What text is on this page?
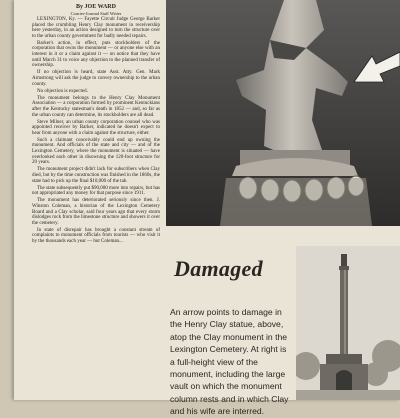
By JOE WARD

Courier-Journal Staff Writer

LEXINGTON, Ky. — Fayette Circuit Judge George Barker placed the crumbling Henry Clay monument in receivership here yesterday, in an action designed to turn the structure over to the urban county government for badly needed repairs.

Barker's action, in effect, puts stockholders of the corporation that owns the monument — or anyone else with an interest in it or a claim against it — on notice that they have until March 31 to voice any objection to the planned transfer of ownership.

If no objection is heard, state Asst. Atty. Gen. Mark Armstrong will ask the judge to convey ownership to the urban county.

No objection is expected.

The monument belongs to the Henry Clay Monument Association — a corporation formed by prominent Kentuckians after the Kentucky statesman's death in 1852 — and, so far as the urban county can determine, its stockholders are all dead.

Steve Milner, an urban county corporation counsel who was appointed receiver by Barker, indicated he doesn't expect to hear from anyone with a claim against the structure, either.

Such a claimant conceivably could end up owning the monument. And officials of the state and city — and of the Lexington Cemetery, where the monument is situated — have overlooked each other in disowning the 120-foot structure for 20 years.

The monument project didn't lack for subscribers when Clay died, but by the time construction was finished in the 1860s, the state had to pick up the final $10,000 of the tab.

The state subsequently put $90,000 more into repairs, but has not appropriated any money for that purpose since 1911.

The monument has deteriorated seriously since then. J. Winston Coleman, a historian of the Lexington Cemetery Board and a Clay scholar, said four years ago that every storm dislodges rock from the limestone structure and showers it over the cemetery.

In state of disrepair has brought a constant stream of complaints to monument officials from tourists — who visit it by the thousands each year — but Coleman...

Damaged

An arrow points to damage in the Henry Clay statue, above, atop the Clay monument in the Lexington Cemetery. At right is a full-height view of the monument, including the large vault on which the monument column rests and in which Clay and his wife are interred.
